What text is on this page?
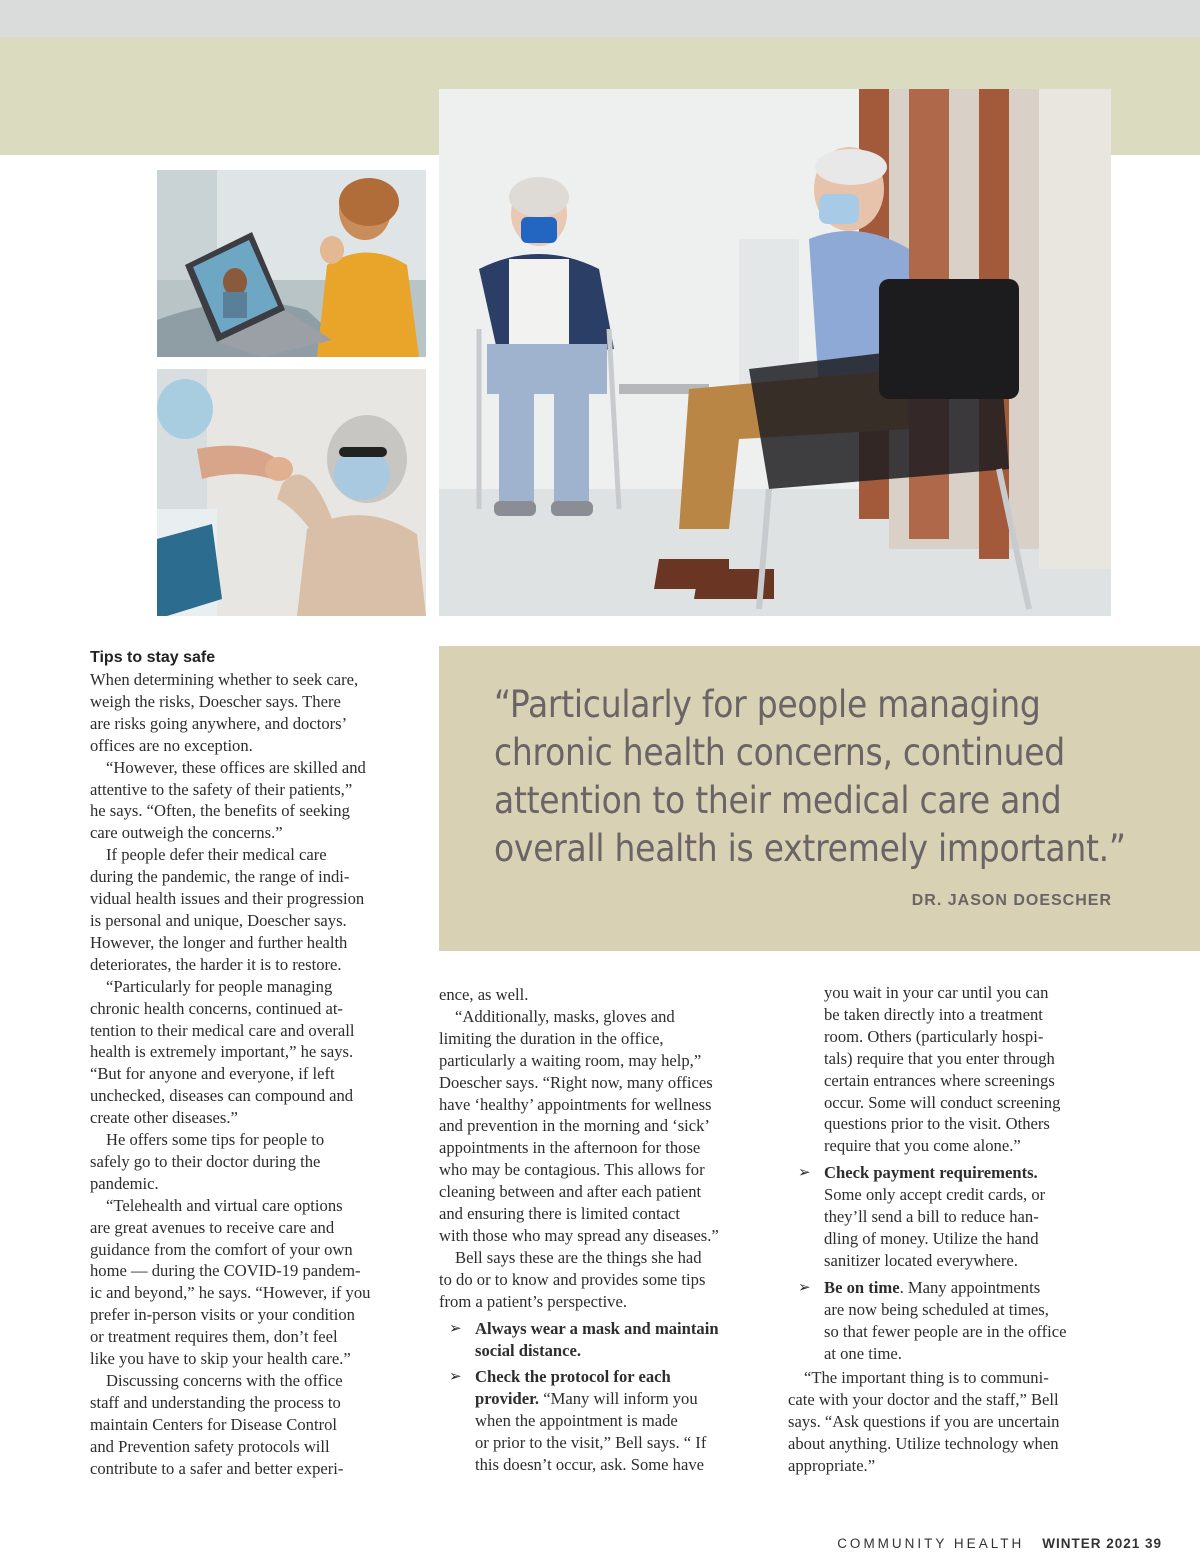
“Particularly for people managing
chronic health concerns, continued
attention to their medical care and
overall health is extremely important.”
DR. JASON DOESCHER

Tips to stay safe

When determining whether to seek care,
weigh the risks, Doescher says. There
are risks going anywhere, and doctors’
offices are no exception.

“However, these offices are skilled and
attentive to the safety of their patients,”
he says. “Often, the benefits of seeking
care outweigh the concerns.”

If people defer their medical care
during the pandemic, the range of indi-
vidual health issues and their progression
is personal and unique, Doescher says.
However, the longer and further health
deteriorates, the harder it is to restore.

“Particularly for people managing
chronic health concerns, continued at-
tention to their medical care and overall
health is extremely important,” he says.
“But for anyone and everyone, if left
unchecked, diseases can compound and
create other diseases.”

He offers some tips for people to
safely go to their doctor during the
pandemic.

“Telehealth and virtual care options
are great avenues to receive care and
guidance from the comfort of your own
home — during the COVID-19 pandem-
ic and beyond,” he says. “However, if you
prefer in-person visits or your condition
or treatment requires them, don’t feel
like you have to skip your health care.”

Discussing concerns with the office
staff and understanding the process to
maintain Centers for Disease Control
and Prevention safety protocols will
contribute to a safer and better experi-

ence, as well.

“Additionally, masks, gloves and
limiting the duration in the office,
particularly a waiting room, may help,”
Doescher says. “Right now, many offices
have ‘healthy’ appointments for wellness
and prevention in the morning and ‘sick’
appointments in the afternoon for those
who may be contagious. This allows for
cleaning between and after each patient
and ensuring there is limited contact
with those who may spread any diseases.”

Bell says these are the things she had
to do or to know and provides some tips
from a patient’s perspective.

➢ Always wear a mask and maintain
social distance.
➢ Check the protocol for each
provider. “Many will inform you
when the appointment is made
or prior to the visit,” Bell says. “ If
this doesn’t occur, ask. Some have

you wait in your car until you can
be taken directly into a treatment
room. Others (particularly hospi-
tals) require that you enter through
certain entrances where screenings
occur. Some will conduct screening
questions prior to the visit. Others
require that you come alone.”

➢ Check payment requirements.
Some only accept credit cards, or
they’ll send a bill to reduce han-
dling of money. Utilize the hand
sanitizer located everywhere.
➢ Be on time. Many appointments
are now being scheduled at times,
so that fewer people are in the office
at one time.

“The important thing is to communi-
cate with your doctor and the staff,” Bell
says. “Ask questions if you are uncertain
about anything. Utilize technology when
appropriate.”

COMMUNITY HEALTH WINTER 2021 39
